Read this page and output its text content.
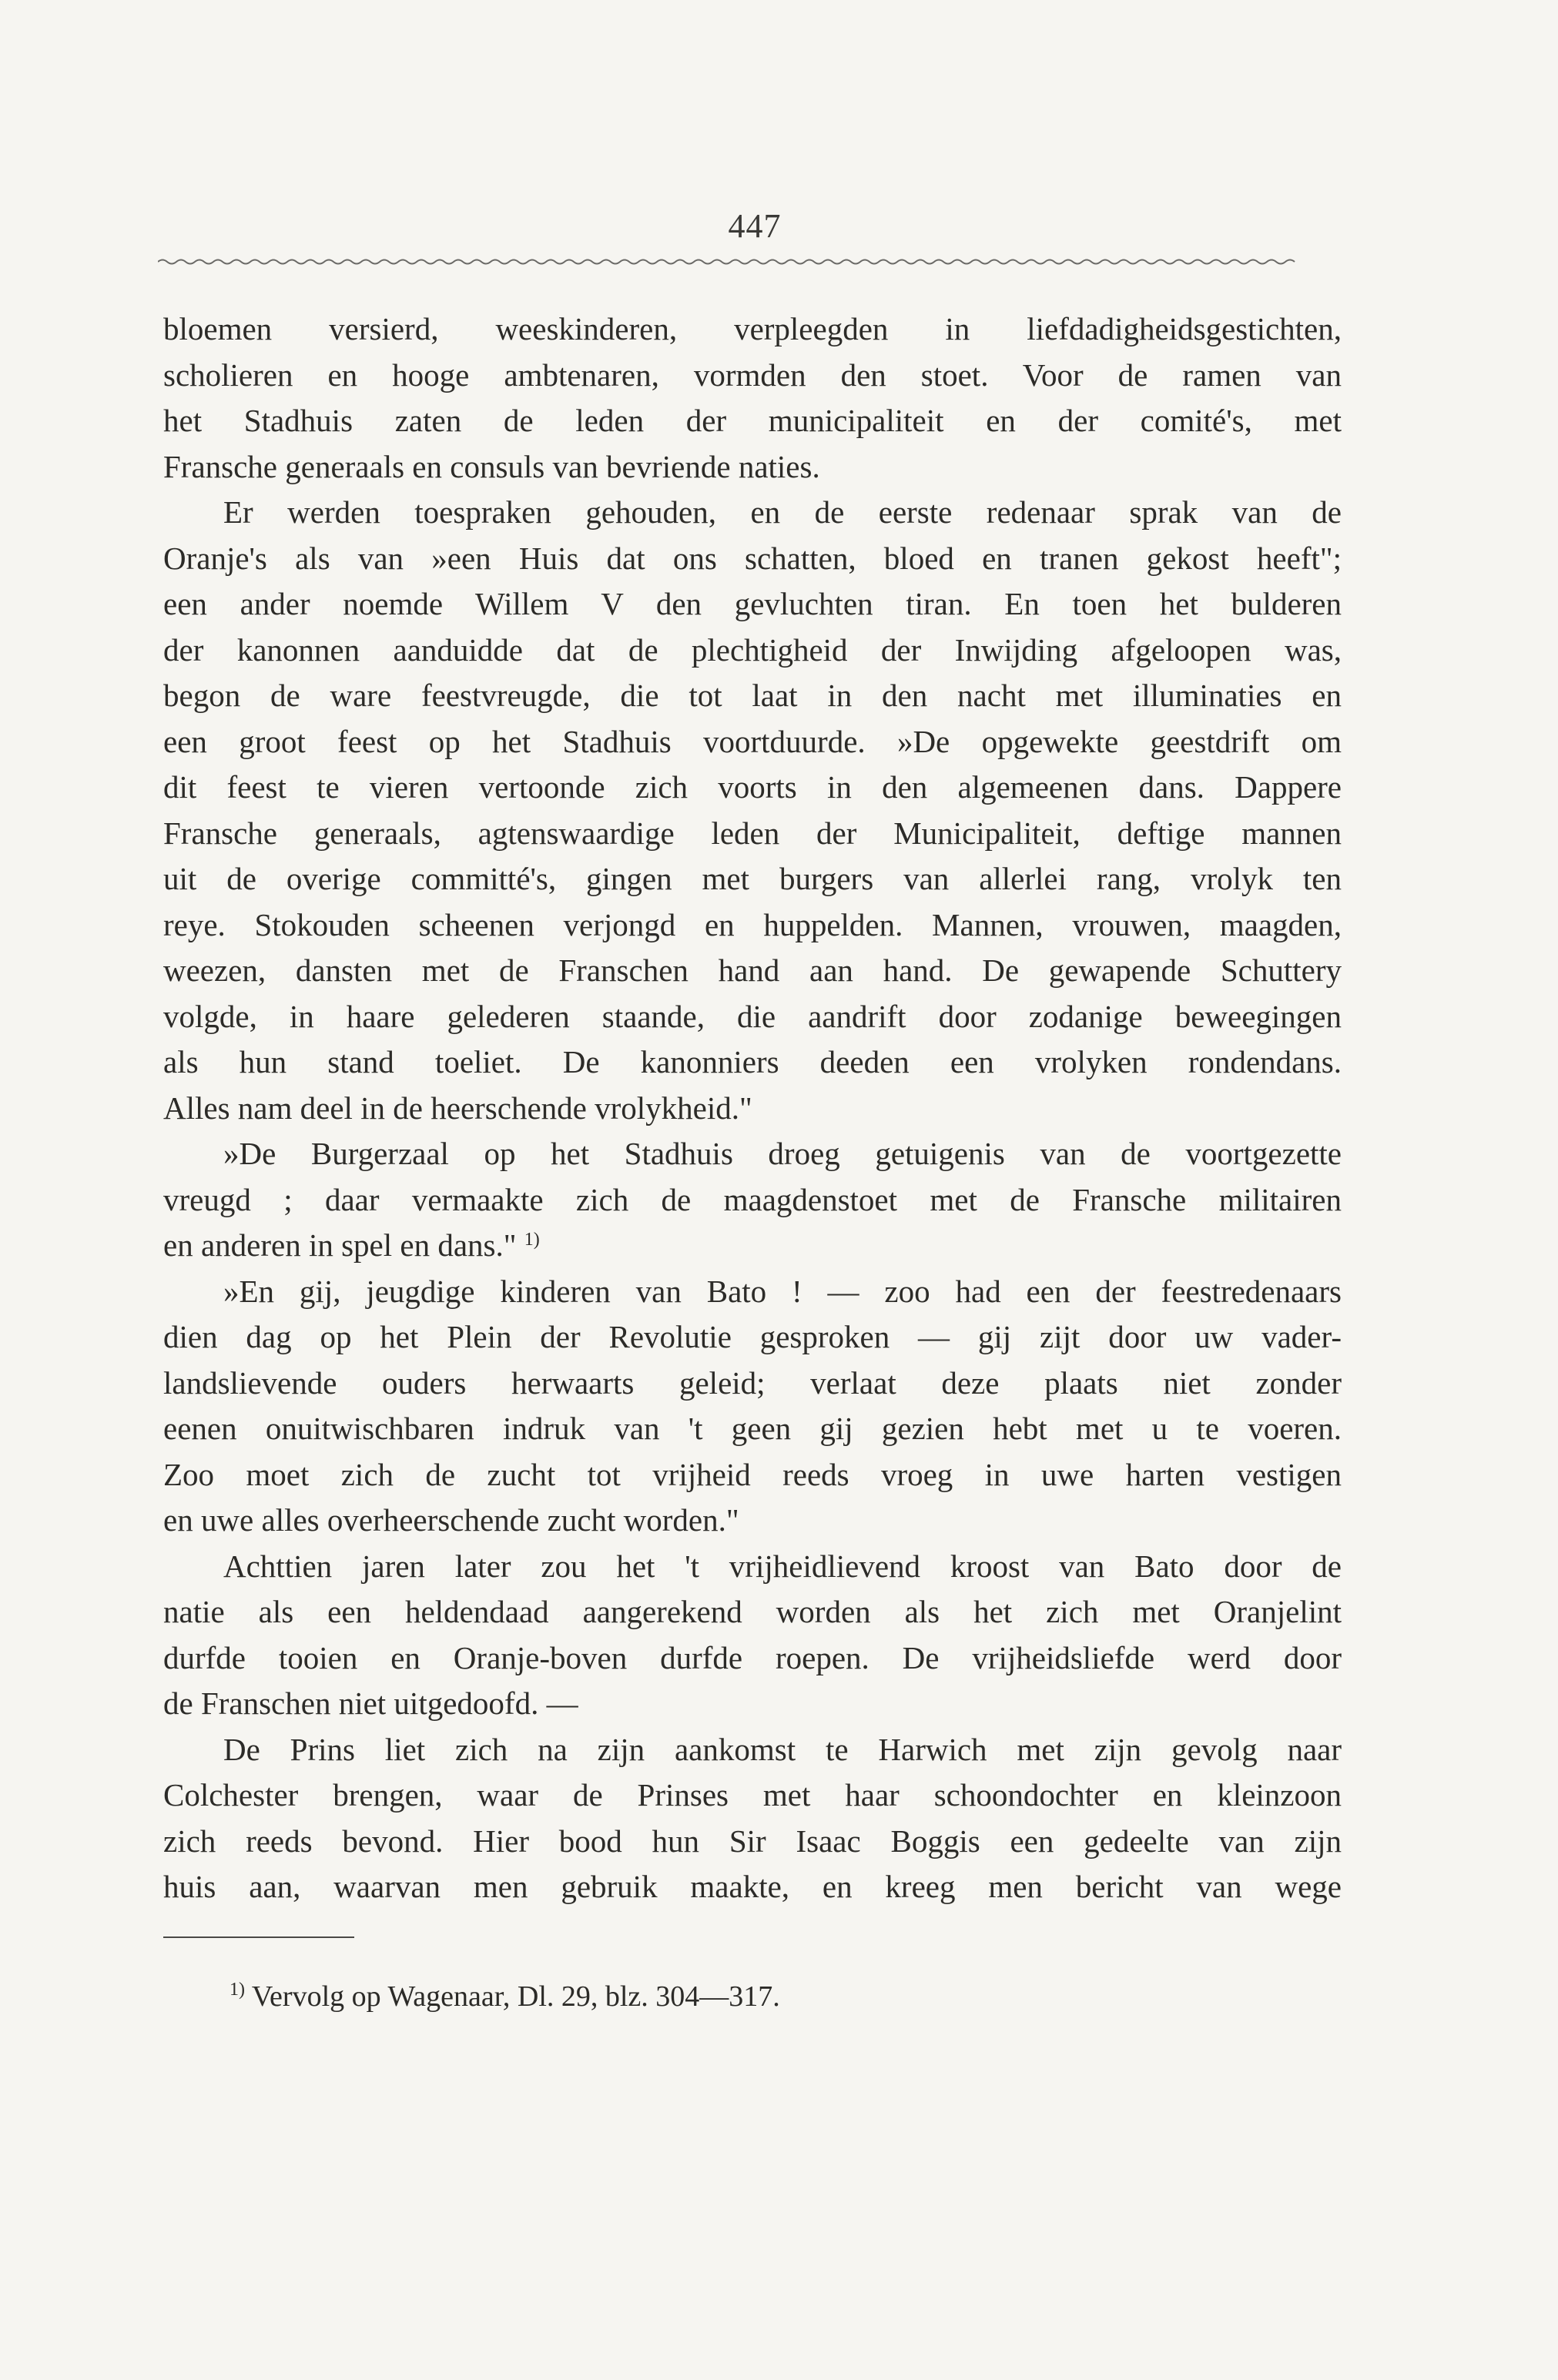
447
bloemen versierd, weeskinderen, verpleegden in liefdadigheidsgestichten,
scholieren en hooge ambtenaren, vormden den stoet. Voor de ramen van
het Stadhuis zaten de leden der municipaliteit en der comité's, met
Fransche generaals en consuls van bevriende naties.
Er werden toespraken gehouden, en de eerste redenaar sprak van de
Oranje's als van »een Huis dat ons schatten, bloed en tranen gekost heeft";
een ander noemde Willem V den gevluchten tiran. En toen het bulderen
der kanonnen aanduidde dat de plechtigheid der Inwijding afgeloopen was,
begon de ware feestvreugde, die tot laat in den nacht met illuminaties en
een groot feest op het Stadhuis voortduurde. »De opgewekte geestdrift om
dit feest te vieren vertoonde zich voorts in den algemeenen dans. Dappere
Fransche generaals, agtenswaardige leden der Municipaliteit, deftige mannen
uit de overige committé's, gingen met burgers van allerlei rang, vrolyk ten
reye. Stokouden scheenen verjongd en huppelden. Mannen, vrouwen, maagden,
weezen, dansten met de Franschen hand aan hand. De gewapende Schuttery
volgde, in haare gelederen staande, die aandrift door zodanige beweegingen
als hun stand toeliet. De kanonniers deeden een vrolyken rondendans.
Alles nam deel in de heerschende vrolykheid."
»De Burgerzaal op het Stadhuis droeg getuigenis van de voortgezette
vreugd ; daar vermaakte zich de maagdenstoet met de Fransche militairen
en anderen in spel en dans." $^{1)}$
»En gij, jeugdige kinderen van Bato ! — zoo had een der feestredenaars
dien dag op het Plein der Revolutie gesproken — gij zijt door uw vader-
landslievende ouders herwaarts geleid; verlaat deze plaats niet zonder
eenen onuitwischbaren indruk van 't geen gij gezien hebt met u te voeren.
Zoo moet zich de zucht tot vrijheid reeds vroeg in uwe harten vestigen
en uwe alles overheerschende zucht worden."
Achttien jaren later zou het 't vrijheidlievend kroost van Bato door de
natie als een heldendaad aangerekend worden als het zich met Oranjelint
durfde tooien en Oranje-boven durfde roepen. De vrijheidsliefde werd door
de Franschen niet uitgedoofd. —
De Prins liet zich na zijn aankomst te Harwich met zijn gevolg naar
Colchester brengen, waar de Prinses met haar schoondochter en kleinzoon
zich reeds bevond. Hier bood hun Sir Isaac Boggis een gedeelte van zijn
huis aan, waarvan men gebruik maakte, en kreeg men bericht van wege
$^{1)}$ Vervolg op Wagenaar, Dl. 29, blz. 304—317.
